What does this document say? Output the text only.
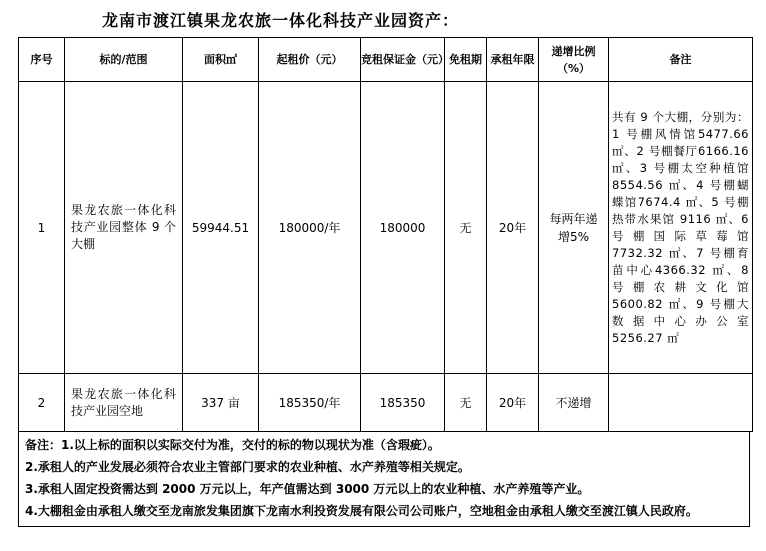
龙南市渡江镇果龙农旅一体化科技产业园资产：
序号	标的/范围	面积㎡	起租价（元）	竞租保证金（元）	免租期	承租年限	递增比例（%）	备注
1	果龙农旅一体化科技产业园整体 9 个大棚	59944.51	180000/年	180000	无	20年	每两年递增5%	共有 9 个大棚，分别为：1 号棚风情馆5477.66 ㎡、2 号棚餐厅6166.16 ㎡、3 号棚太空种植馆 8554.56 ㎡、4 号棚蝴蝶馆7674.4 ㎡、5 号棚热带水果馆 9116 ㎡、6 号棚国际草莓馆 7732.32 ㎡、7 号棚育苗中心4366.32 ㎡、8 号棚农耕文化馆 5600.82 ㎡、9 号棚大数据中心办公室 5256.27 ㎡
2	果龙农旅一体化科技产业园空地	337 亩	185350/年	185350	无	20年	不递增	
备注：1.以上标的面积以实际交付为准，交付的标的物以现状为准（含瑕疵）。
2.承租人的产业发展必须符合农业主管部门要求的农业种植、水产养殖等相关规定。
3.承租人固定投资需达到 2000 万元以上，年产值需达到 3000 万元以上的农业种植、水产养殖等产业。
4.大棚租金由承租人缴交至龙南旅发集团旗下龙南水利投资发展有限公司公司账户，空地租金由承租人缴交至渡江镇人民政府。
